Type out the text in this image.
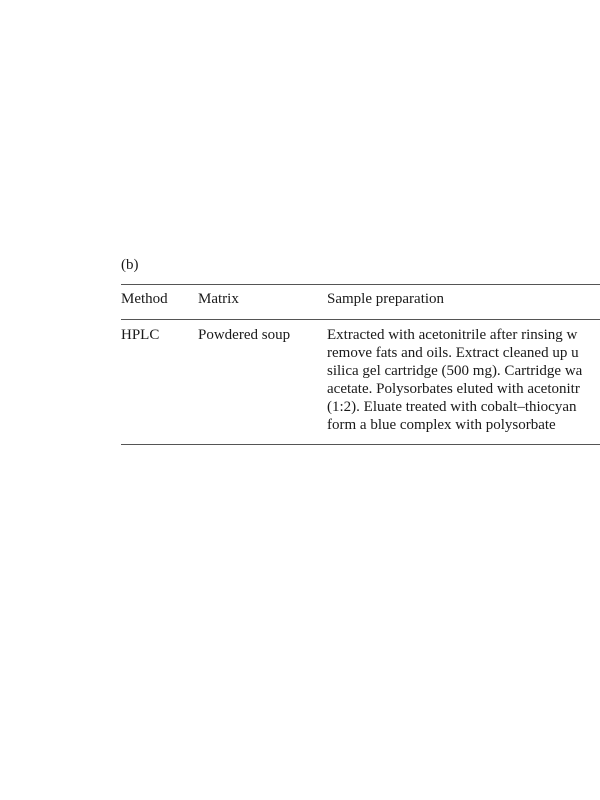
(b)
Method Matrix	Sample preparation
HPLC	Powdered soup Extracted with acetonitrile after rinsing w
remove fats and oils. Extract cleaned up u
silica gel cartridge (500 mg). Cartridge wa
acetate. Polysorbates eluted with acetonitr
(1:2). Eluate treated with cobalt–thiocyan
form a blue complex with polysorbate
